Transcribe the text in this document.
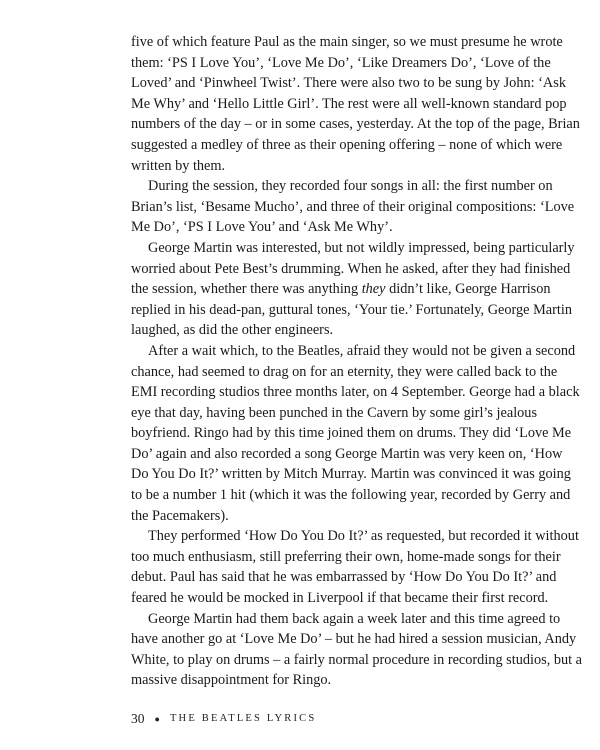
five of which feature Paul as the main singer, so we must presume he wrote them: ‘PS I Love You’, ‘Love Me Do’, ‘Like Dreamers Do’, ‘Love of the Loved’ and ‘Pinwheel Twist’. There were also two to be sung by John: ‘Ask Me Why’ and ‘Hello Little Girl’. The rest were all well-known standard pop numbers of the day – or in some cases, yesterday. At the top of the page, Brian suggested a medley of three as their opening offering – none of which were written by them.

During the session, they recorded four songs in all: the first number on Brian’s list, ‘Besame Mucho’, and three of their original compositions: ‘Love Me Do’, ‘PS I Love You’ and ‘Ask Me Why’.

George Martin was interested, but not wildly impressed, being particularly worried about Pete Best’s drumming. When he asked, after they had finished the session, whether there was anything they didn’t like, George Harrison replied in his dead-pan, guttural tones, ‘Your tie.’ Fortunately, George Martin laughed, as did the other engineers.

After a wait which, to the Beatles, afraid they would not be given a second chance, had seemed to drag on for an eternity, they were called back to the EMI recording studios three months later, on 4 September. George had a black eye that day, having been punched in the Cavern by some girl’s jealous boyfriend. Ringo had by this time joined them on drums. They did ‘Love Me Do’ again and also recorded a song George Martin was very keen on, ‘How Do You Do It?’ written by Mitch Murray. Martin was convinced it was going to be a number 1 hit (which it was the following year, recorded by Gerry and the Pacemakers).

They performed ‘How Do You Do It?’ as requested, but recorded it without too much enthusiasm, still preferring their own, home-made songs for their debut. Paul has said that he was embarrassed by ‘How Do You Do It?’ and feared he would be mocked in Liverpool if that became their first record.

George Martin had them back again a week later and this time agreed to have another go at ‘Love Me Do’ – but he had hired a session musician, Andy White, to play on drums – a fairly normal procedure in recording studios, but a massive disappointment for Ringo.

30 ● THE BEATLES LYRICS
